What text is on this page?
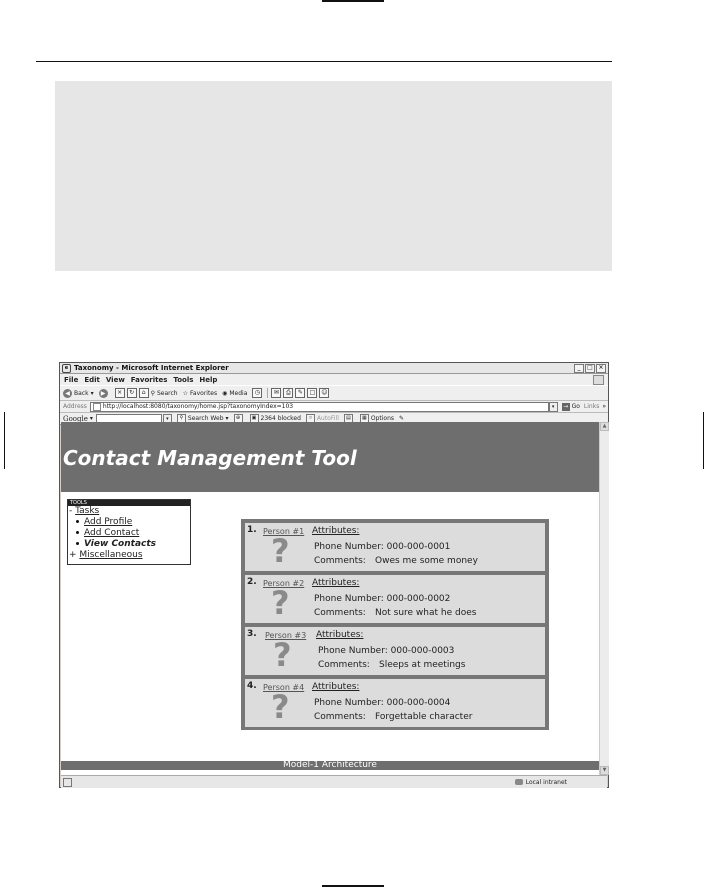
e Taxonomy - Microsoft Internet Explorer	_	□ ×
File Edit View Favorites Tools Help
◀ Back ▾	▶	×	↻	⌂ ⚲ Search ☆ Favorites ◉ Media	◷	✉	⎙	✎	□	☺
Address	http://localhost:8080/taxonomy/home.jsp?taxonomyIndex=103	▾	→ Go Links »
Google ▾	▾	⚲ Search Web ▾	⊕	▣ 2364 blocked	≡ AutoFill	▤	▦ Options ✎
Contact Management Tool
TOOLS
- Tasks
Add Profile
Add Contact
View Contacts
+ Miscellaneous
1. Person #1
?
Attributes:
Phone Number: 000-000-0001
Comments: Owes me some money
2. Person #2
?
Attributes:
Phone Number: 000-000-0002
Comments: Not sure what he does
3. Person #3
?
Attributes:
Phone Number: 000-000-0003
Comments: Sleeps at meetings
4. Person #4
?
Attributes:
Phone Number: 000-000-0004
Comments: Forgettable character
Model-1 Architecture
▲
▼
Local intranet
